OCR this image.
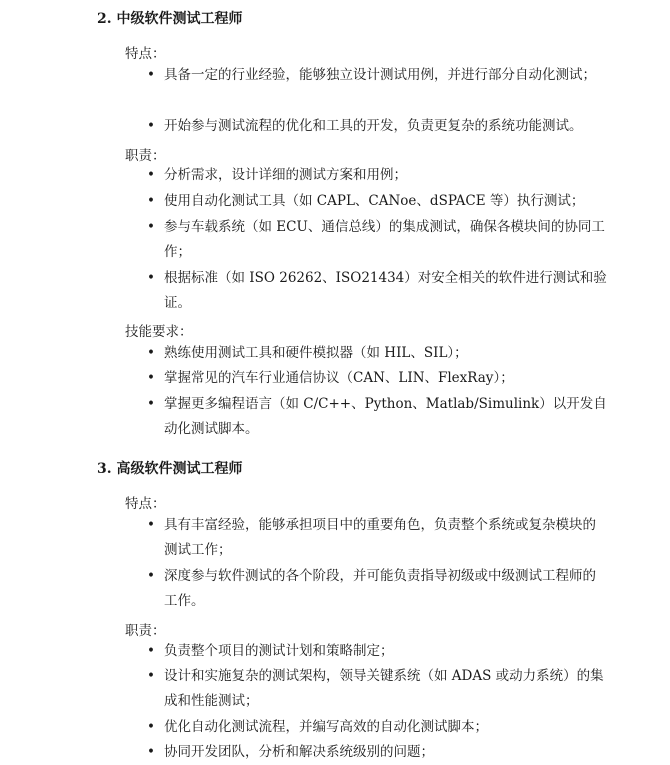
2. 中级软件测试工程师
特点：
• 具备一定的行业经验，能够独立设计测试用例，并进行部分自动化测试；
• 开始参与测试流程的优化和工具的开发，负责更复杂的系统功能测试。
职责：
• 分析需求，设计详细的测试方案和用例；
• 使用自动化测试工具（如 CAPL、CANoe、dSPACE 等）执行测试；
• 参与车载系统（如 ECU、通信总线）的集成测试，确保各模块间的协同工作；
• 根据标准（如 ISO 26262、ISO21434）对安全相关的软件进行测试和验证。
技能要求：
• 熟练使用测试工具和硬件模拟器（如 HIL、SIL）；
• 掌握常见的汽车行业通信协议（CAN、LIN、FlexRay）；
• 掌握更多编程语言（如 C/C++、Python、Matlab/Simulink）以开发自动化测试脚本。
3. 高级软件测试工程师
特点：
• 具有丰富经验，能够承担项目中的重要角色，负责整个系统或复杂模块的测试工作；
• 深度参与软件测试的各个阶段，并可能负责指导初级或中级测试工程师的工作。
职责：
• 负责整个项目的测试计划和策略制定；
• 设计和实施复杂的测试架构，领导关键系统（如 ADAS 或动力系统）的集成和性能测试；
• 优化自动化测试流程，并编写高效的自动化测试脚本；
• 协同开发团队，分析和解决系统级别的问题；
